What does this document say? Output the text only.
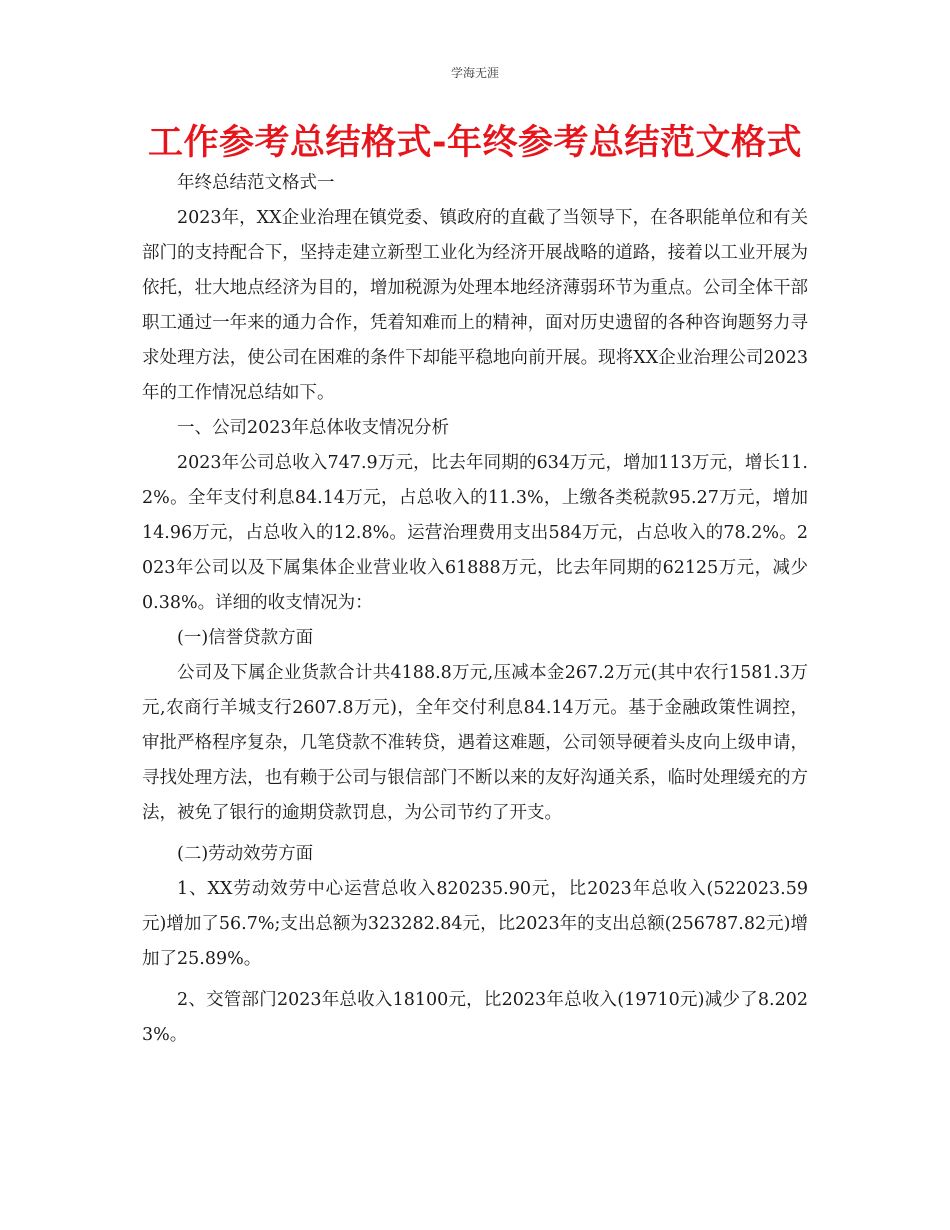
学海无涯
工作参考总结格式-年终参考总结范文格式

年终总结范文格式一

2023年，XX企业治理在镇党委、镇政府的直截了当领导下，在各职能单位和有关部门的支持配合下，坚持走建立新型工业化为经济开展战略的道路，接着以工业开展为依托，壮大地点经济为目的，增加税源为处理本地经济薄弱环节为重点。公司全体干部职工通过一年来的通力合作，凭着知难而上的精神，面对历史遗留的各种咨询题努力寻求处理方法，使公司在困难的条件下却能平稳地向前开展。现将XX企业治理公司2023年的工作情况总结如下。

一、公司2023年总体收支情况分析

2023年公司总收入747.9万元，比去年同期的634万元，增加113万元，增长11.2%。全年支付利息84.14万元，占总收入的11.3%，上缴各类税款95.27万元，增加14.96万元，占总收入的12.8%。运营治理费用支出584万元，占总收入的78.2%。2023年公司以及下属集体企业营业收入61888万元，比去年同期的62125万元，减少0.38%。详细的收支情况为：

(一)信誉贷款方面

公司及下属企业货款合计共4188.8万元,压减本金267.2万元(其中农行1581.3万元,农商行羊城支行2607.8万元)，全年交付利息84.14万元。基于金融政策性调控，审批严格程序复杂，几笔贷款不准转贷，遇着这难题，公司领导硬着头皮向上级申请，寻找处理方法，也有赖于公司与银信部门不断以来的友好沟通关系，临时处理缓充的方法，被免了银行的逾期贷款罚息，为公司节约了开支。

(二)劳动效劳方面

1、XX劳动效劳中心运营总收入820235.90元，比2023年总收入(522023.59元)增加了56.7%;支出总额为323282.84元，比2023年的支出总额(256787.82元)增加了25.89%。

2、交管部门2023年总收入18100元，比2023年总收入(19710元)减少了8.2023%。
